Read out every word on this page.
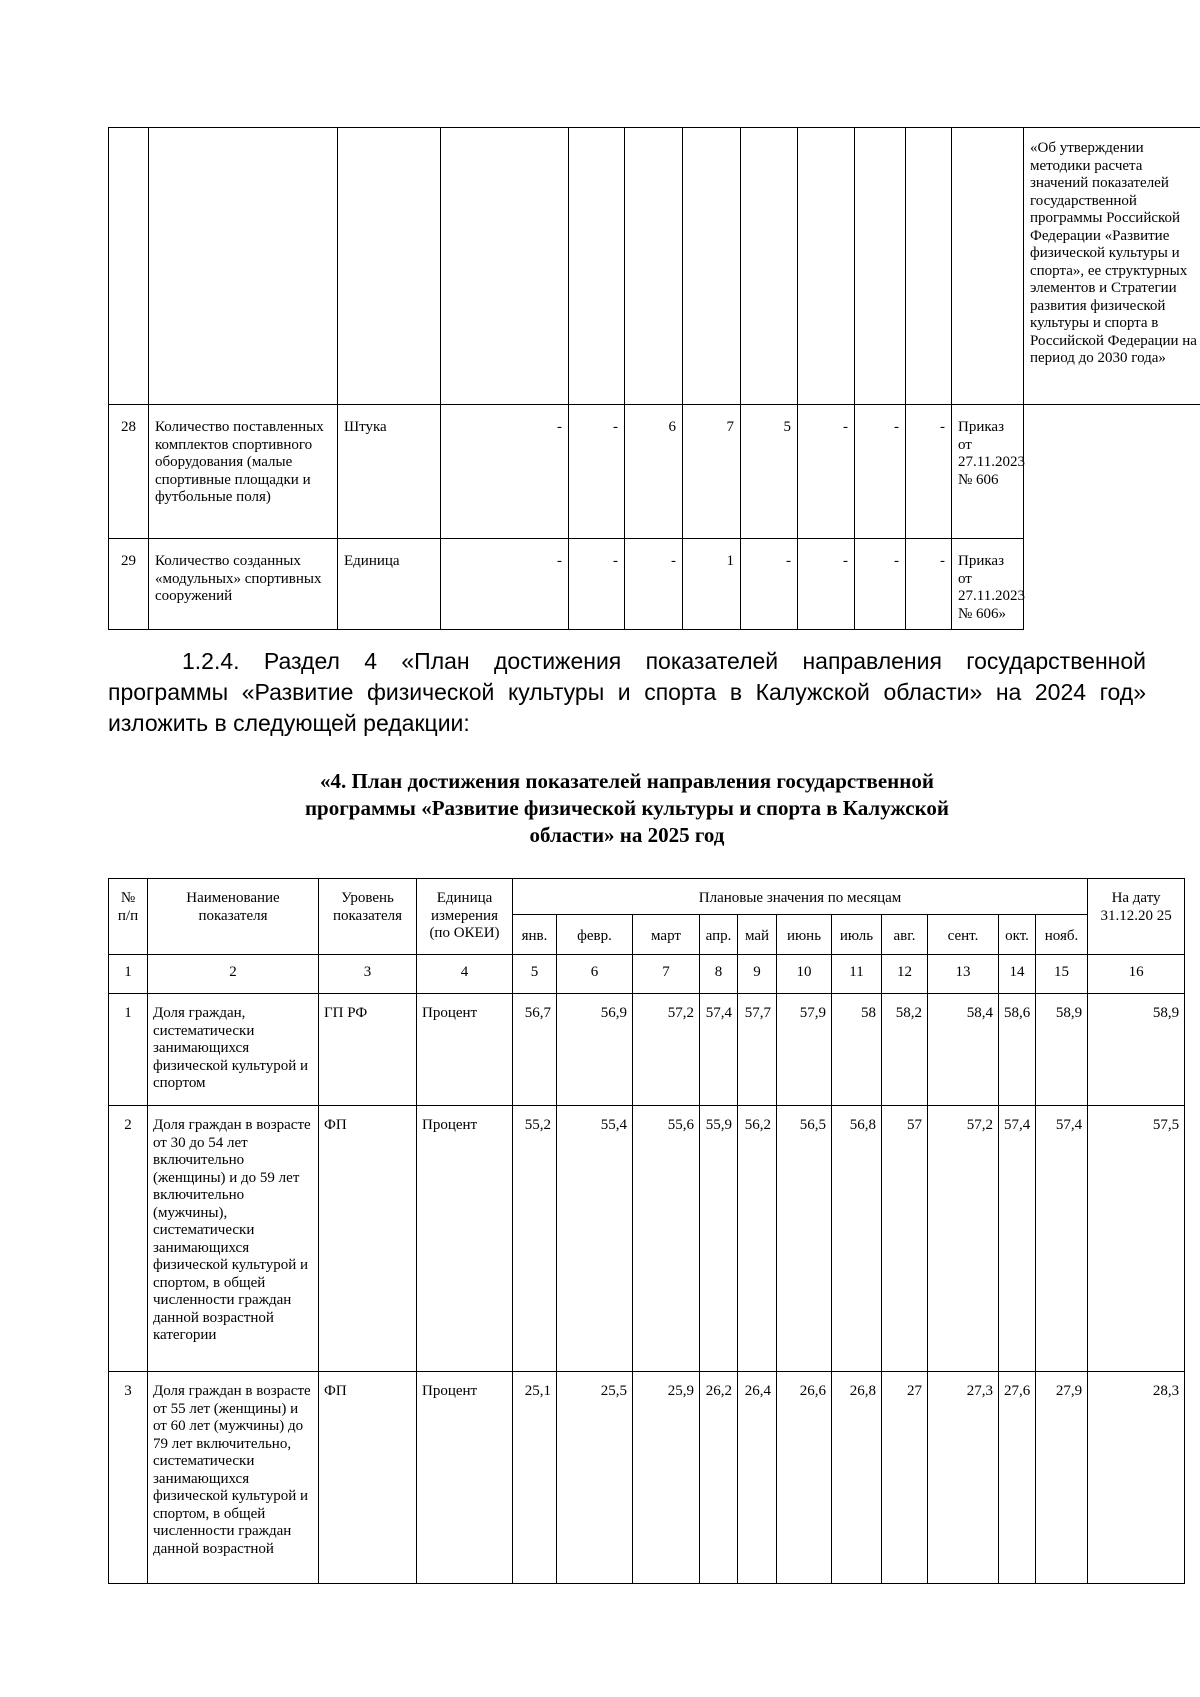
												«Об утверждении методики расчета значений показателей государственной программы Российской Федерации «Развитие физической культуры и спорта», ее структурных элементов и Стратегии развития физической культуры и спорта в Российской Федерации на период до 2030 года»
28	Количество поставленных комплектов спортивного оборудования (малые спортивные площадки и футбольные поля)	Штука	-	-	6	7	5	-	-	-	Приказ от 27.11.2023 № 606	
29	Количество созданных «модульных» спортивных сооружений	Единица	-	-	-	1	-	-	-	-	Приказ от 27.11.2023 № 606»	

1.2.4. Раздел 4 «План достижения показателей направления государственной программы «Развитие физической культуры и спорта в Калужской области» на 2024 год» изложить в следующей редакции:

«4. План достижения показателей направления государственной
программы «Развитие физической культуры и спорта в Калужской
области» на 2025 год
№ п/п	Наименование показателя	Уровень показателя	Единица измерения (по ОКЕИ)	Плановые значения по месяцам											На дату 31.12.20 25
				янв.	февр.	март	апр.	май	июнь	июль	авг.	сент.	окт.	нояб.	
1	2	3	4	5	6	7	8	9	10	11	12	13	14	15	16
1	Доля граждан, систематически занимающихся физической культурой и спортом	ГП РФ	Процент	56,7	56,9	57,2	57,4	57,7	57,9	58	58,2	58,4	58,6	58,9	58,9
2	Доля граждан в возрасте от 30 до 54 лет включительно (женщины) и до 59 лет включительно (мужчины), систематически занимающихся физической культурой и спортом, в общей численности граждан данной возрастной категории	ФП	Процент	55,2	55,4	55,6	55,9	56,2	56,5	56,8	57	57,2	57,4	57,4	57,5
3	Доля граждан в возрасте от 55 лет (женщины) и от 60 лет (мужчины) до 79 лет включительно, систематически занимающихся физической культурой и спортом, в общей численности граждан данной возрастной	ФП	Процент	25,1	25,5	25,9	26,2	26,4	26,6	26,8	27	27,3	27,6	27,9	28,3
